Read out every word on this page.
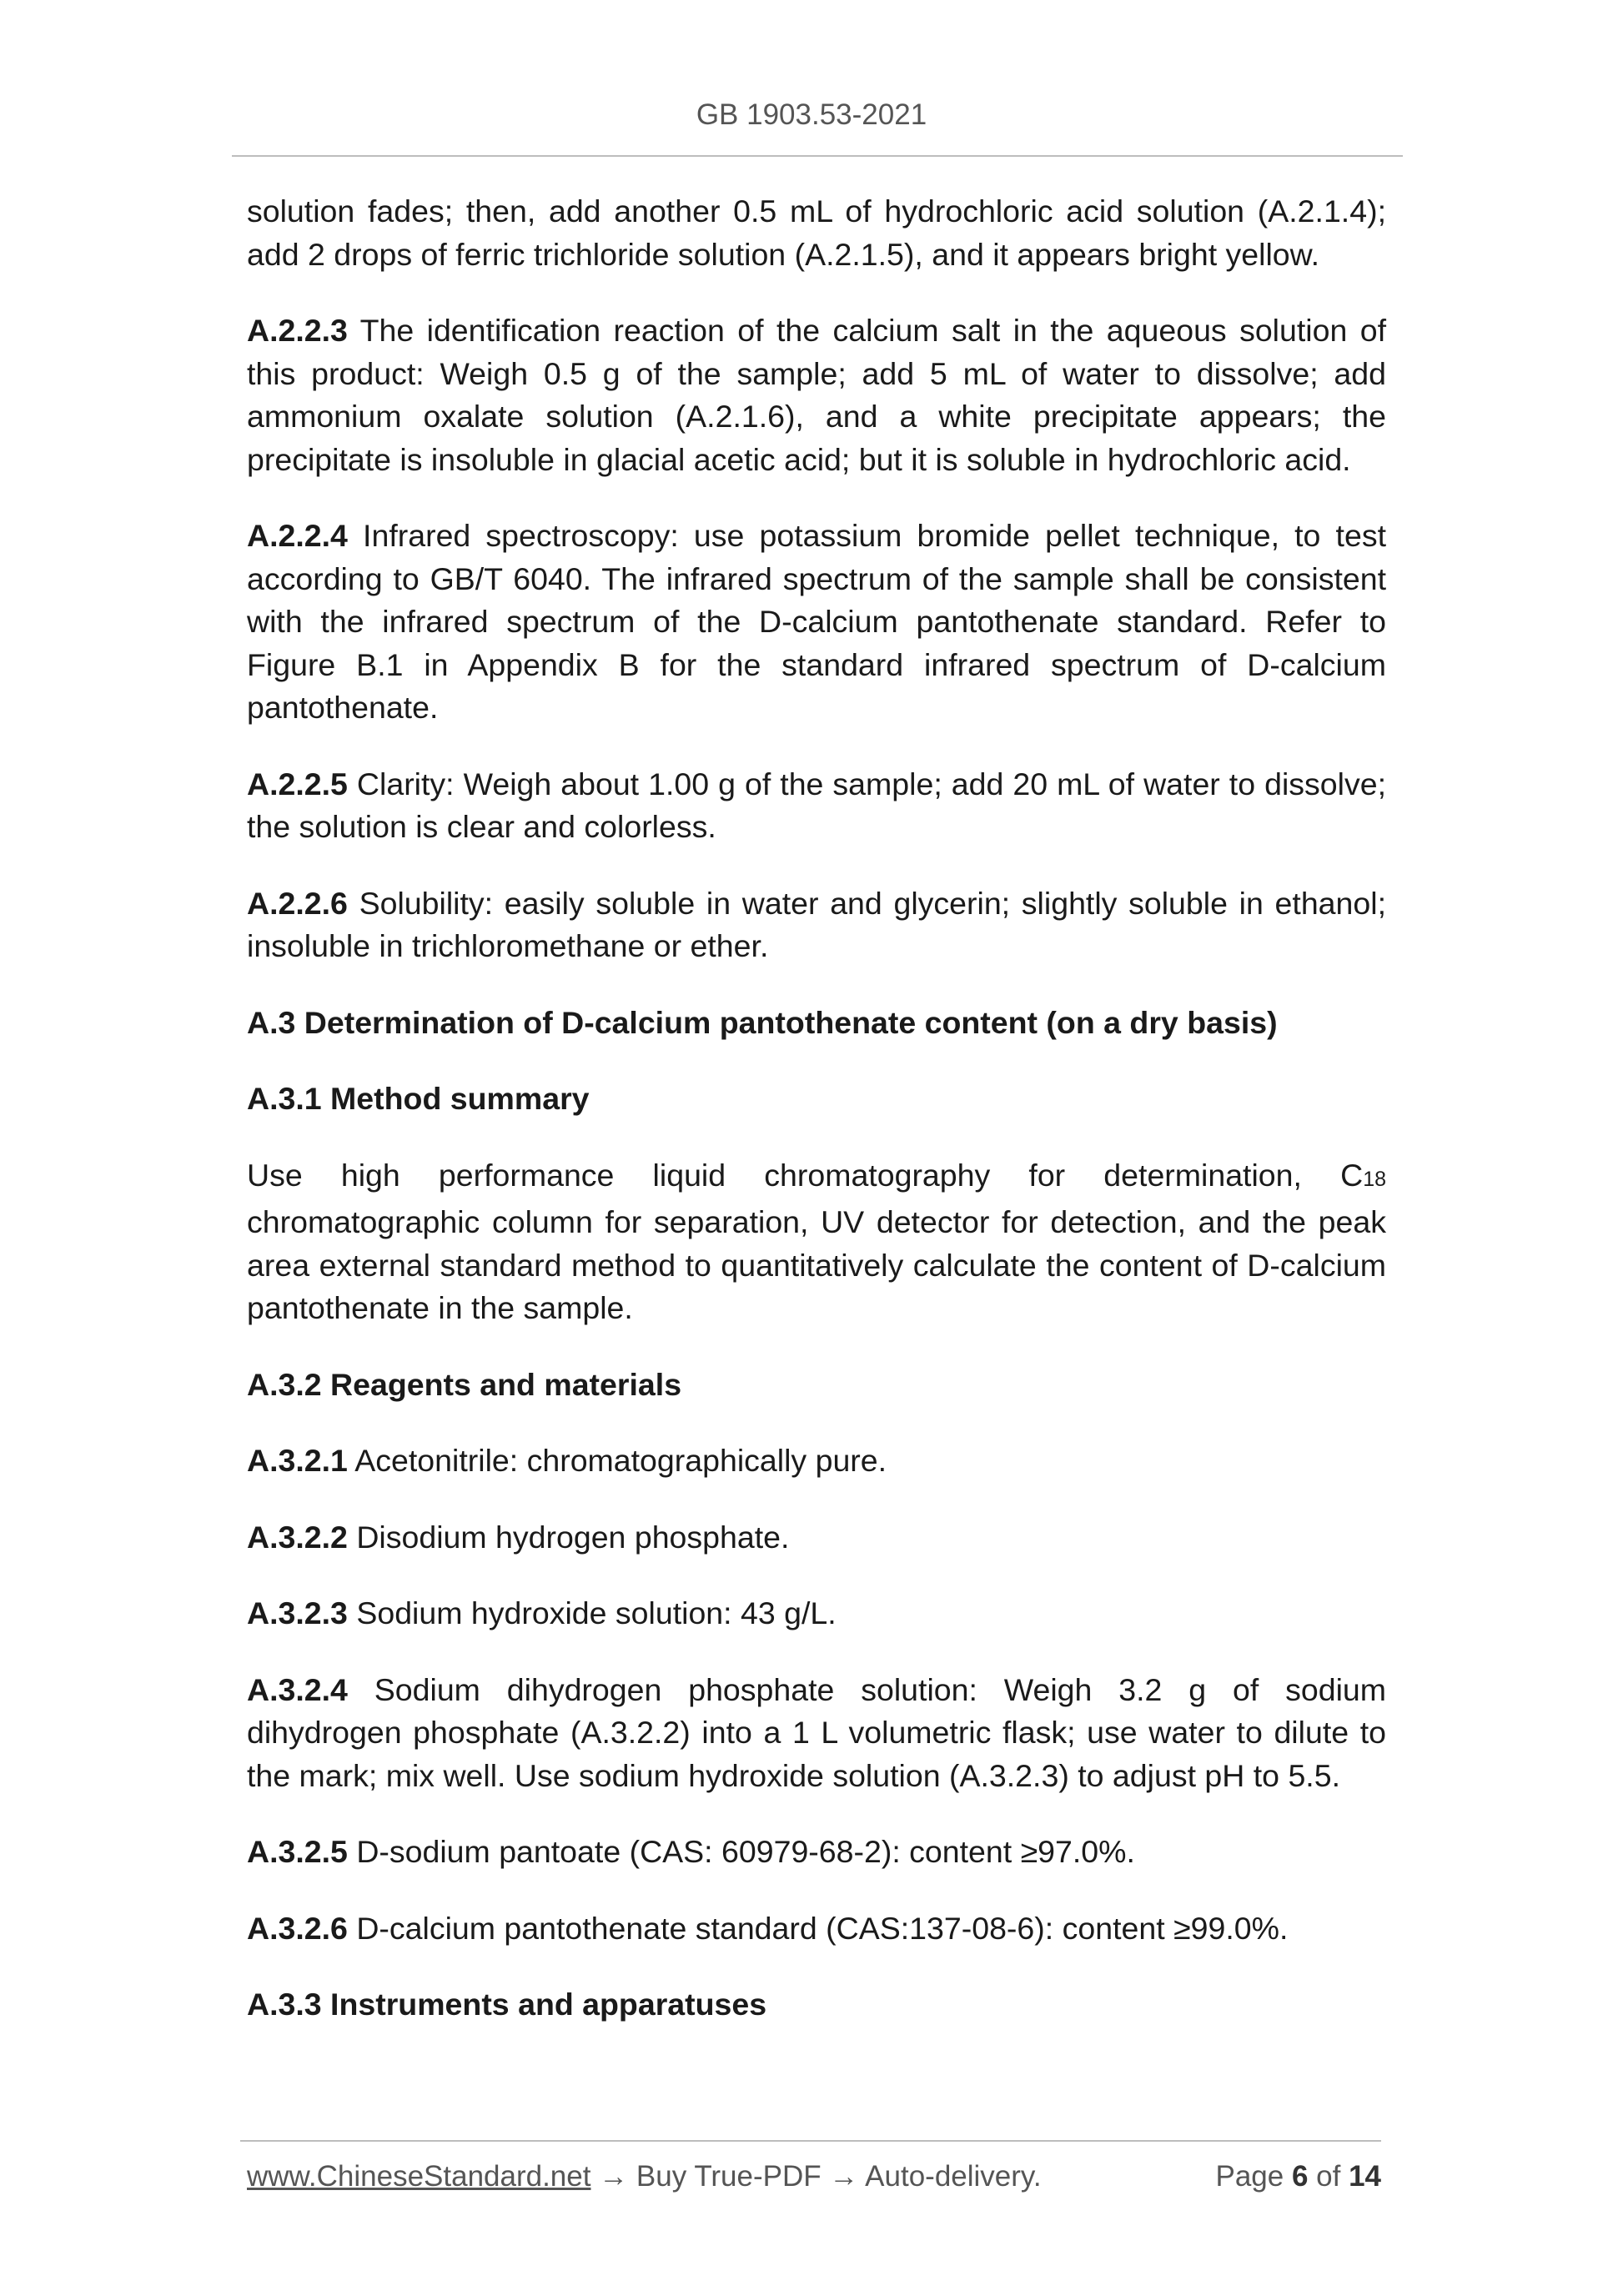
GB 1903.53-2021

solution fades; then, add another 0.5 mL of hydrochloric acid solution (A.2.1.4); add 2 drops of ferric trichloride solution (A.2.1.5), and it appears bright yellow.

A.2.2.3 The identification reaction of the calcium salt in the aqueous solution of this product: Weigh 0.5 g of the sample; add 5 mL of water to dissolve; add ammonium oxalate solution (A.2.1.6), and a white precipitate appears; the precipitate is insoluble in glacial acetic acid; but it is soluble in hydrochloric acid.

A.2.2.4 Infrared spectroscopy: use potassium bromide pellet technique, to test according to GB/T 6040. The infrared spectrum of the sample shall be consistent with the infrared spectrum of the D-calcium pantothenate standard. Refer to Figure B.1 in Appendix B for the standard infrared spectrum of D-calcium pantothenate.

A.2.2.5 Clarity: Weigh about 1.00 g of the sample; add 20 mL of water to dissolve; the solution is clear and colorless.

A.2.2.6 Solubility: easily soluble in water and glycerin; slightly soluble in ethanol; insoluble in trichloromethane or ether.

A.3 Determination of D-calcium pantothenate content (on a dry basis)

A.3.1 Method summary

Use high performance liquid chromatography for determination, C18 chromatographic column for separation, UV detector for detection, and the peak area external standard method to quantitatively calculate the content of D-calcium pantothenate in the sample.

A.3.2 Reagents and materials

A.3.2.1 Acetonitrile: chromatographically pure.

A.3.2.2 Disodium hydrogen phosphate.

A.3.2.3 Sodium hydroxide solution: 43 g/L.

A.3.2.4 Sodium dihydrogen phosphate solution: Weigh 3.2 g of sodium dihydrogen phosphate (A.3.2.2) into a 1 L volumetric flask; use water to dilute to the mark; mix well. Use sodium hydroxide solution (A.3.2.3) to adjust pH to 5.5.

A.3.2.5 D-sodium pantoate (CAS: 60979-68-2): content ≥97.0%.

A.3.2.6 D-calcium pantothenate standard (CAS:137-08-6): content ≥99.0%.

A.3.3 Instruments and apparatuses

www.ChineseStandard.net → Buy True-PDF → Auto-delivery.	Page 6 of 14
